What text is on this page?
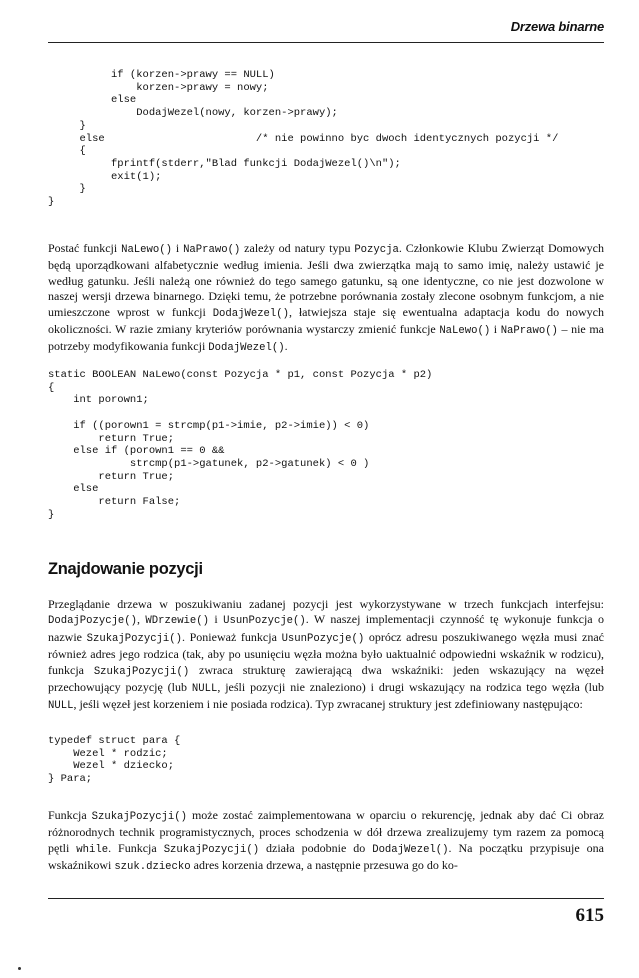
Drzewa binarne
if (korzen->prawy == NULL)
korzen->prawy = nowy;
else
DodajWezel(nowy, korzen->prawy);
}
else                        /* nie powinno byc dwoch identycznych pozycji */
{
fprintf(stderr,"Blad funkcji DodajWezel()\n");
exit(1);
}
}

Postać funkcji NaLewo() i NaPrawo() zależy od natury typu Pozycja. Członkowie Klubu Zwierząt Domowych będą uporządkowani alfabetycznie według imienia. Jeśli dwa zwierzątka mają to samo imię, należy ustawić je według gatunku. Jeśli należą one również do tego samego gatunku, są one identyczne, co nie jest dozwolone w naszej wersji drzewa binarnego. Dzięki temu, że potrzebne porównania zostały zlecone osobnym funkcjom, a nie umieszczone wprost w funkcji DodajWezel(), łatwiejsza staje się ewentualna adaptacja kodu do nowych okoliczności. W razie zmiany kryteriów porównania wystarczy zmienić funkcje NaLewo() i NaPrawo() – nie ma potrzeby modyfikowania funkcji DodajWezel().

static BOOLEAN NaLewo(const Pozycja * p1, const Pozycja * p2)
{
int porown1;

if ((porown1 = strcmp(p1->imie, p2->imie)) < 0)
return True;
else if (porown1 == 0 &&
strcmp(p1->gatunek, p2->gatunek) < 0 )
return True;
else
return False;
}
Znajdowanie pozycji

Przeglądanie drzewa w poszukiwaniu zadanej pozycji jest wykorzystywane w trzech funkcjach interfejsu: DodajPozycje(), WDrzewie() i UsunPozycje(). W naszej implementacji czynność tę wykonuje funkcja o nazwie SzukajPozycji(). Ponieważ funkcja UsunPozycje() oprócz adresu poszukiwanego węzła musi znać również adres jego rodzica (tak, aby po usunięciu węzła można było uaktualnić odpowiedni wskaźnik w rodzicu), funkcja SzukajPozycji() zwraca strukturę zawierającą dwa wskaźniki: jeden wskazujący na węzeł przechowujący pozycję (lub NULL, jeśli pozycji nie znaleziono) i drugi wskazujący na rodzica tego węzła (lub NULL, jeśli węzeł jest korzeniem i nie posiada rodzica). Typ zwracanej struktury jest zdefiniowany następująco:

typedef struct para {
Wezel * rodzic;
Wezel * dziecko;
} Para;

Funkcja SzukajPozycji() może zostać zaimplementowana w oparciu o rekurencję, jednak aby dać Ci obraz różnorodnych technik programistycznych, proces schodzenia w dół drzewa zrealizujemy tym razem za pomocą pętli while. Funkcja SzukajPozycji() działa podobnie do DodajWezel(). Na początku przypisuje ona wskaźnikowi szuk.dziecko adres korzenia drzewa, a następnie przesuwa go do ko-

615
